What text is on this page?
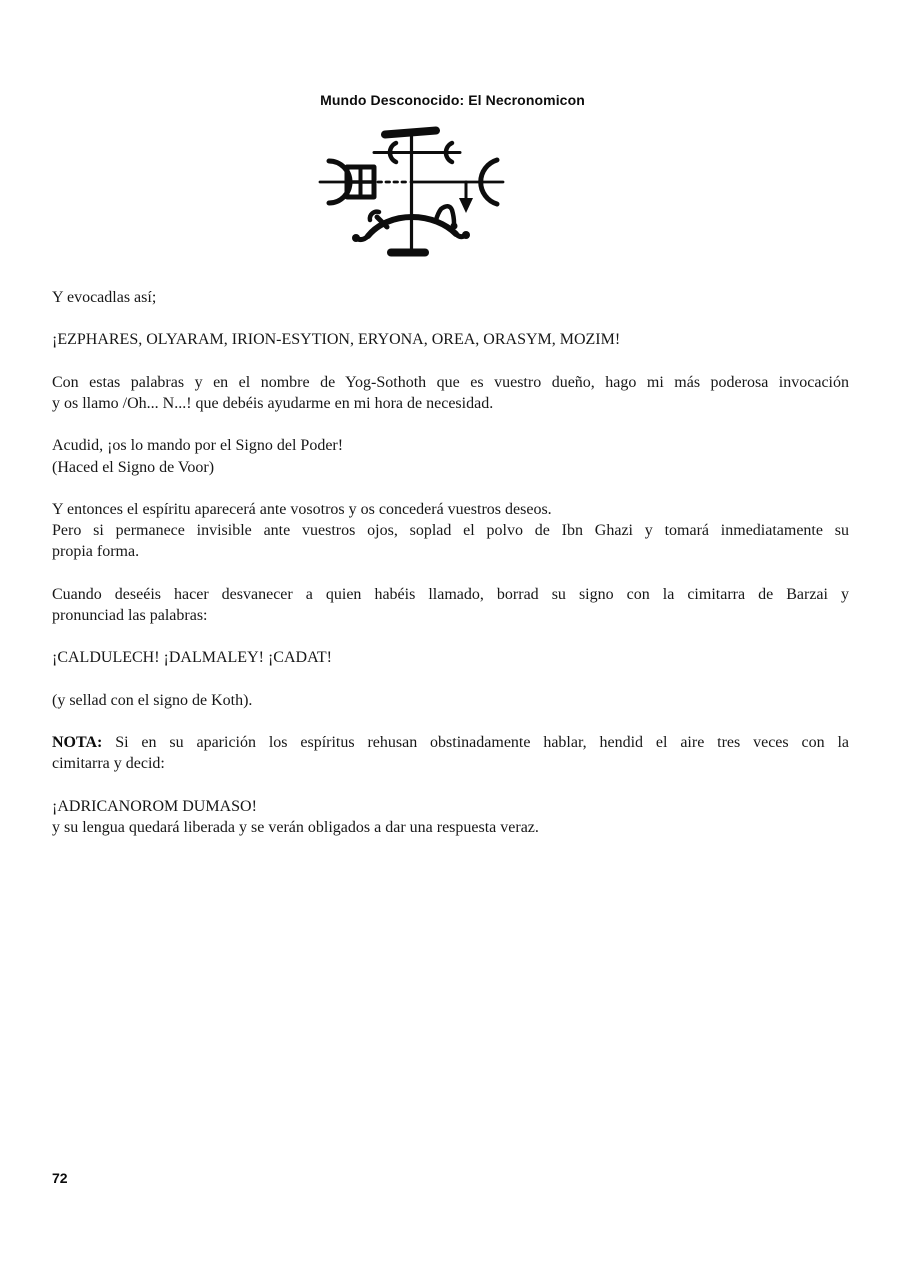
Mundo Desconocido: El Necronomicon
Y evocadlas así;
¡EZPHARES, OLYARAM, IRION-ESYTION, ERYONA, OREA, ORASYM, MOZIM!
Con estas palabras y en el nombre de Yog-Sothoth que es vuestro dueño, hago mi más poderosa invocación
y os llamo /Oh... N...! que debéis ayudarme en mi hora de necesidad.
Acudid, ¡os lo mando por el Signo del Poder!
(Haced el Signo de Voor)
Y entonces el espíritu aparecerá ante vosotros y os concederá vuestros deseos.
Pero si permanece invisible ante vuestros ojos, soplad el polvo de Ibn Ghazi y tomará inmediatamente su
propia forma.
Cuando deseéis hacer desvanecer a quien habéis llamado, borrad su signo con la cimitarra de Barzai y
pronunciad las palabras:
¡CALDULECH! ¡DALMALEY! ¡CADAT!
(y sellad con el signo de Koth).
NOTA: Si en su aparición los espíritus rehusan obstinadamente hablar, hendid el aire tres veces con la
cimitarra y decid:
¡ADRICANOROM DUMASO!
y su lengua quedará liberada y se verán obligados a dar una respuesta veraz.
72
